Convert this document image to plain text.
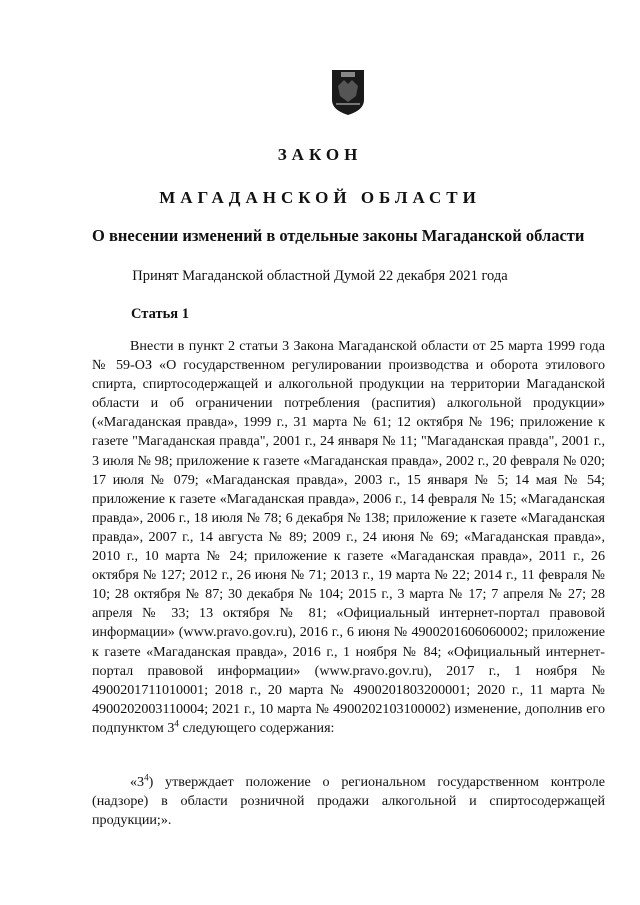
ЗАКОН
МАГАДАНСКОЙ ОБЛАСТИ
О внесении изменений в отдельные законы Магаданской области
Принят Магаданской областной Думой 22 декабря 2021 года
Статья 1
Внести в пункт 2 статьи 3 Закона Магаданской области от 25 марта 1999 года № 59-ОЗ «О государственном регулировании производства и оборота этилового спирта, спиртосодержащей и алкогольной продукции на территории Магаданской области и об ограничении потребления (распития) алкогольной продукции» («Магаданская правда», 1999 г., 31 марта № 61; 12 октября № 196; приложение к газете "Магаданская правда", 2001 г., 24 января № 11; "Магаданская правда", 2001 г., 3 июля № 98; приложение к газете «Магаданская правда», 2002 г., 20 февраля № 020; 17 июля № 079; «Магаданская правда», 2003 г., 15 января № 5; 14 мая № 54; приложение к газете «Магаданская правда», 2006 г., 14 февраля № 15; «Магаданская правда», 2006 г., 18 июля № 78; 6 декабря № 138; приложение к газете «Магаданская правда», 2007 г., 14 августа № 89; 2009 г., 24 июня № 69; «Магаданская правда», 2010 г., 10 марта № 24; приложение к газете «Магаданская правда», 2011 г., 26 октября № 127; 2012 г., 26 июня № 71; 2013 г., 19 марта № 22; 2014 г., 11 февраля № 10; 28 октября № 87; 30 декабря № 104; 2015 г., 3 марта № 17; 7 апреля № 27; 28 апреля № 33; 13 октября № 81; «Официальный интернет-портал правовой информации» (www.pravo.gov.ru), 2016 г., 6 июня № 4900201606060002; приложение к газете «Магаданская правда», 2016 г., 1 ноября № 84; «Официальный интернет-портал правовой информации» (www.pravo.gov.ru), 2017 г., 1 ноября № 4900201711010001; 2018 г., 20 марта № 4900201803200001; 2020 г., 11 марта № 4900202003110004; 2021 г., 10 марта № 4900202103100002) изменение, дополнив его подпунктом $3^4$ следующего содержания:
«$3^4$) утверждает положение о региональном государственном контроле (надзоре) в области розничной продажи алкогольной и спиртосодержащей продукции;».
